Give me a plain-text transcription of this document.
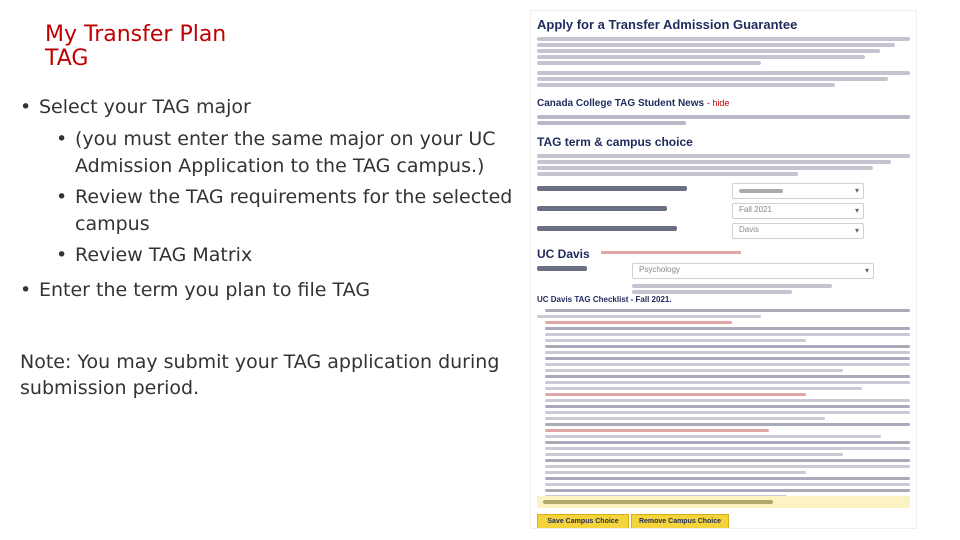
My Transfer Plan
TAG
• Select your TAG major
• (you must enter the same major on your UC Admission Application to the TAG campus.)
• Review the TAG requirements for the selected campus
• Review TAG Matrix
• Enter the term you plan to file TAG
Note: You may submit your TAG application during submission period.
Apply for a Transfer Admission Guarantee
Canada College TAG Student News - hide
TAG term & campus choice
▾
▾
Fall 2021
▾
Davis
UC Davis
Psychology	▾
UC Davis TAG Checklist - Fall 2021.
Save Campus Choice	Remove Campus Choice
